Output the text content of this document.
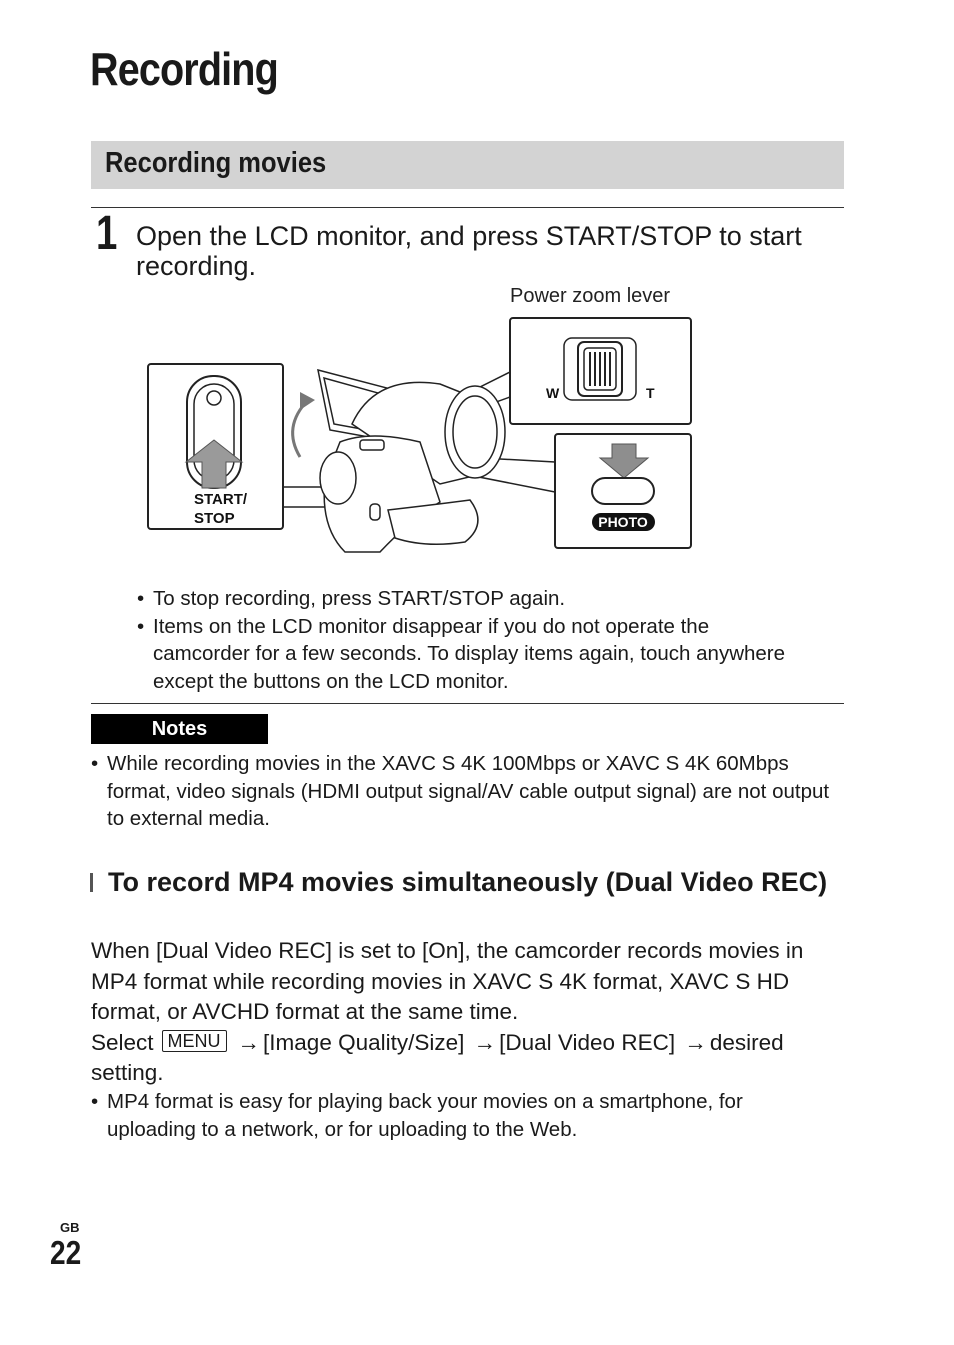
Recording
Recording movies
1 Open the LCD monitor, and press START/STOP to start recording.
Power zoom lever
START/
STOP
W	T
PHOTO
• To stop recording, press START/STOP again.
• Items on the LCD monitor disappear if you do not operate the camcorder for a few seconds. To display items again, touch anywhere except the buttons on the LCD monitor.
Notes
• While recording movies in the XAVC S 4K 100Mbps or XAVC S 4K 60Mbps format, video signals (HDMI output signal/AV cable output signal) are not output to external media.
To record MP4 movies simultaneously (Dual Video REC)

When [Dual Video REC] is set to [On], the camcorder records movies in MP4 format while recording movies in XAVC S 4K format, XAVC S HD format, or AVCHD format at the same time.

Select MENU → [Image Quality/Size] → [Dual Video REC] → desired setting.

• MP4 format is easy for playing back your movies on a smartphone, for uploading to a network, or for uploading to the Web.
GB
22
